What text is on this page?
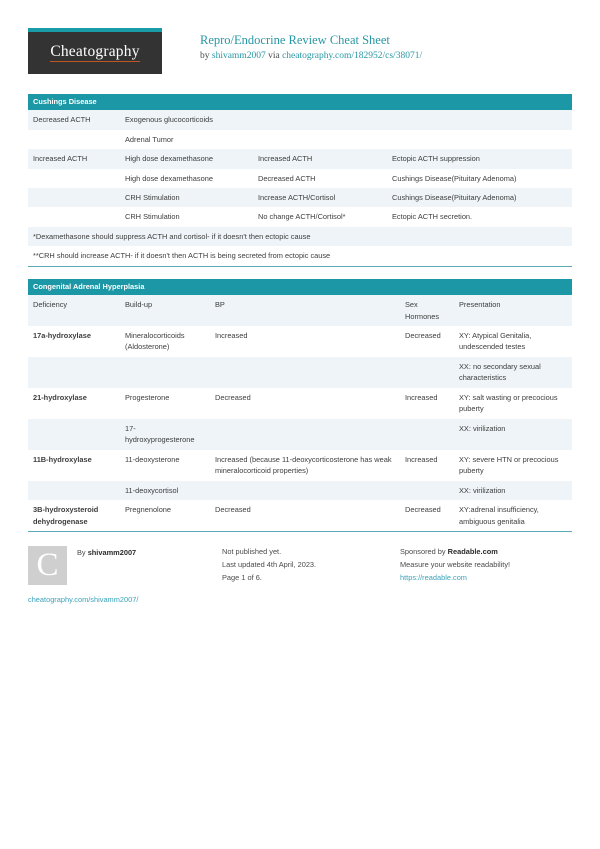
Cheatography
Repro/Endocrine Review Cheat Sheet
by shivamm2007 via cheatography.com/182952/cs/38071/
Cushings Disease
Decreased ACTH	Exogenous glucocorticoids		
	Adrenal Tumor		
Increased ACTH	High dose dexamethasone	Increased ACTH	Ectopic ACTH suppression
	High dose dexamethasone	Decreased ACTH	Cushings Disease(Pituitary Adenoma)
	CRH Stimulation	Increase ACTH/Cortisol	Cushings Disease(Pituitary Adenoma)
	CRH Stimulation	No change ACTH/Cortisol*	Ectopic ACTH secretion.
*Dexamethasone should suppress ACTH and cortisol- if it doesn't then ectopic cause			
**CRH should increase ACTH- if it doesn't then ACTH is being secreted from ectopic cause			
Congenital Adrenal Hyperplasia
Deficiency	Build-up	BP	Sex Hormones	Presentation
17a-hydroxylase	Mineralocorticoids (Aldosterone)	Increased	Decreased	XY: Atypical Genitalia, undescended testes
				XX: no secondary sexual characteristics
21-hydroxylase	Progesterone	Decreased	Increased	XY: salt wasting or precocious puberty
	17-hydroxyprogesterone			XX: virilization
11B-hydroxylase	11-deoxysterone	Increased (because 11-deoxycorticosterone has weak mineralocorticoid properties)	Increased	XY: severe HTN or precocious puberty
	11-deoxycortisol			XX: virilization
3B-hydroxysteroid dehydrogenase	Pregnenolone	Decreased	Decreased	XY:adrenal insufficiency, ambiguous genitalia
C	By shivamm2007
cheatography.com/shivamm2007/
Not published yet.
Last updated 4th April, 2023.
Page 1 of 6.
Sponsored by Readable.com
Measure your website readability!
https://readable.com
